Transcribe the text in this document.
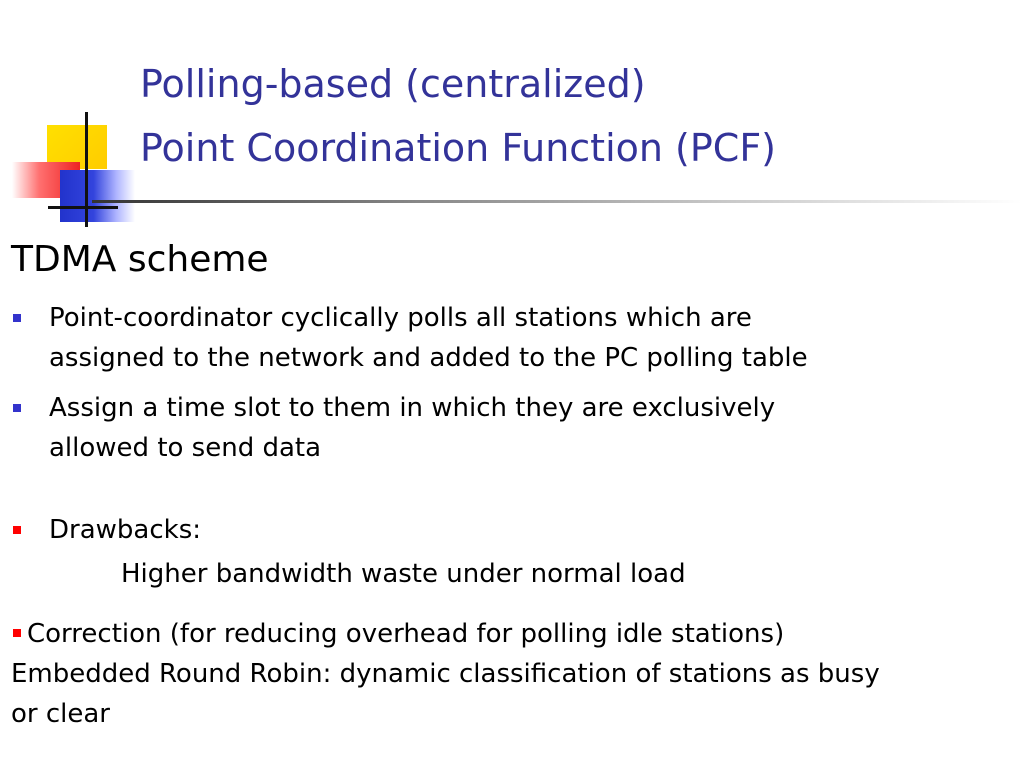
Polling-based (centralized)
Point Coordination Function (PCF)
TDMA scheme
Point-coordinator cyclically polls all stations which are
assigned to the network and added to the PC polling table
Assign a time slot to them in which they are exclusively
allowed to send data
Drawbacks:
Higher bandwidth waste under normal load
Correction (for reducing overhead for polling idle stations)
Embedded Round Robin: dynamic classification of stations as busy
or clear
